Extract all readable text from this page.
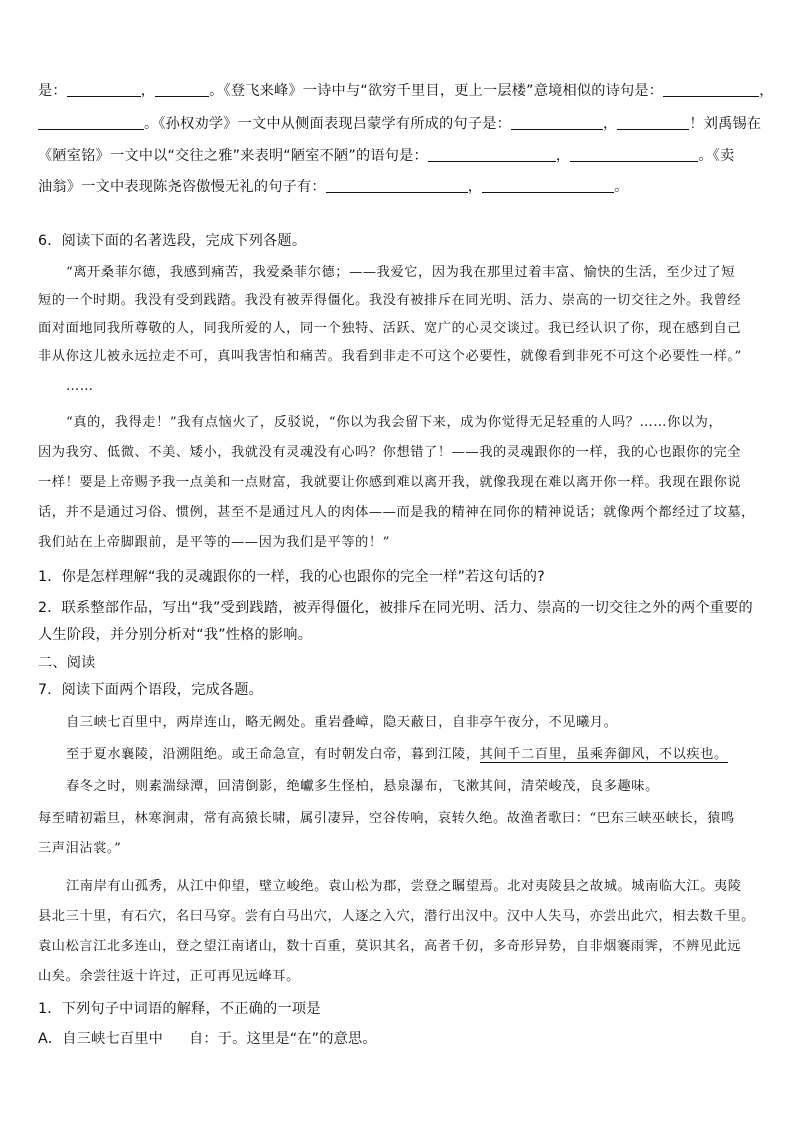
是：	，	。《登飞来峰》一诗中与“欲穷千里目，更上一层楼”意境相似的诗句是：	，
。《孙权劝学》一文中从侧面表现吕蒙学有所成的句子是：	，	！刘禹锡在
《陋室铭》一文中以“交往之雅”来表明“陋室不陋”的语句是：	，	。《卖
油翁》一文中表现陈尧咨傲慢无礼的句子有：	，	。
6．阅读下面的名著选段，完成下列各题。
“离开桑菲尔德，我感到痛苦，我爱桑菲尔德；——我爱它，因为我在那里过着丰富、愉快的生活，至少过了短
短的一个时期。我没有受到践踏。我没有被弄得僵化。我没有被排斥在同光明、活力、崇高的一切交往之外。我曾经
面对面地同我所尊敬的人，同我所爱的人，同一个独特、活跃、宽广的心灵交谈过。我已经认识了你，现在感到自己
非从你这儿被永远拉走不可，真叫我害怕和痛苦。我看到非走不可这个必要性，就像看到非死不可这个必要性一样。”
……
“真的，我得走！”我有点恼火了，反驳说，“你以为我会留下来，成为你觉得无足轻重的人吗？……你以为，
因为我穷、低微、不美、矮小，我就没有灵魂没有心吗？你想错了！——我的灵魂跟你的一样，我的心也跟你的完全
一样！要是上帝赐予我一点美和一点财富，我就要让你感到难以离开我，就像我现在难以离开你一样。我现在跟你说
话，并不是通过习俗、惯例，甚至不是通过凡人的肉体——而是我的精神在同你的精神说话；就像两个都经过了坟墓，
我们站在上帝脚跟前，是平等的——因为我们是平等的！”
1．你是怎样理解“我的灵魂跟你的一样，我的心也跟你的完全一样”若这句话的?
2．联系整部作品，写出“我”受到践踏，被弄得僵化，被排斥在同光明、活力、崇高的一切交往之外的两个重要的
人生阶段，并分别分析对“我”性格的影响。
二、阅读
7．阅读下面两个语段，完成各题。
自三峡七百里中，两岸连山，略无阙处。重岩叠嶂，隐天蔽日，自非亭午夜分，不见曦月。
至于夏水襄陵，沿溯阻绝。或王命急宣，有时朝发白帝，暮到江陵，其间千二百里，虽乘奔御风，不以疾也。
春冬之时，则素湍绿潭，回清倒影，绝巘多生怪柏，悬泉瀑布，飞漱其间，清荣峻茂，良多趣味。
每至晴初霜旦，林寒涧肃，常有高猿长啸，属引凄异，空谷传响，哀转久绝。故渔者歌曰：“巴东三峡巫峡长，猿鸣
三声泪沾裳。”
江南岸有山孤秀，从江中仰望，壁立峻绝。袁山松为郡，尝登之瞩望焉。北对夷陵县之故城。城南临大江。夷陵
县北三十里，有石穴，名曰马穿。尝有白马出穴，人逐之入穴，潜行出汉中。汉中人失马，亦尝出此穴，相去数千里。
袁山松言江北多连山，登之望江南诸山，数十百重，莫识其名，高者千仞，多奇形异势，自非烟褰雨霁，不辨见此远
山矣。余尝往返十许过，正可再见远峰耳。
1．下列句子中词语的解释，不正确的一项是
A．自三峡七百里中 自：于。这里是“在”的意思。
